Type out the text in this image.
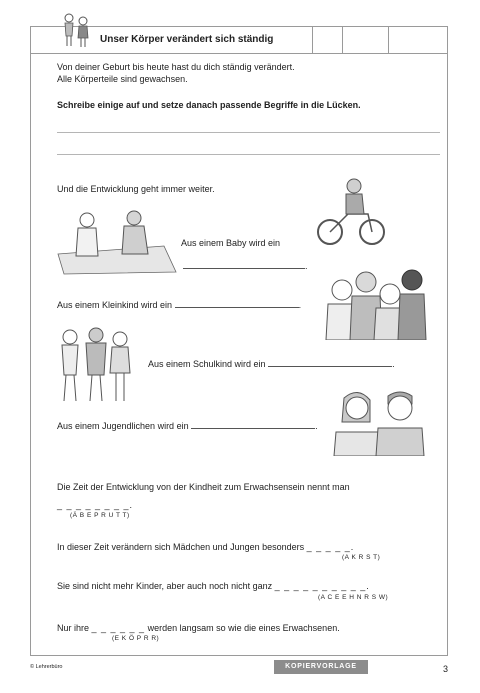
Unser Körper verändert sich ständig
Von deiner Geburt bis heute hast du dich ständig verändert.
Alle Körperteile sind gewachsen.
Schreibe einige auf und setze danach passende Begriffe in die Lücken.
Und die Entwicklung geht immer weiter.
Aus einem Baby wird ein
.
Aus einem Kleinkind wird ein	.
Aus einem Schulkind wird ein	.
Aus einem Jugendlichen wird ein	.
Die Zeit der Entwicklung von der Kindheit zum Erwachsensein nennt man
_ _ _ _ _ _ _ _.
(Ä B E P R U T T)
In dieser Zeit verändern sich Mädchen und Jungen besonders _ _ _ _ _.
(A K R S T)
Sie sind nicht mehr Kinder, aber auch noch nicht ganz _ _ _ _ _ _ _ _ _ _.
(A C E E H N R S W)
Nur ihre _ _ _ _ _ _ werden langsam so wie die eines Erwachsenen.
(E K Ö P R R)
© Lehrerbüro	KOPIERVORLAGE	3
